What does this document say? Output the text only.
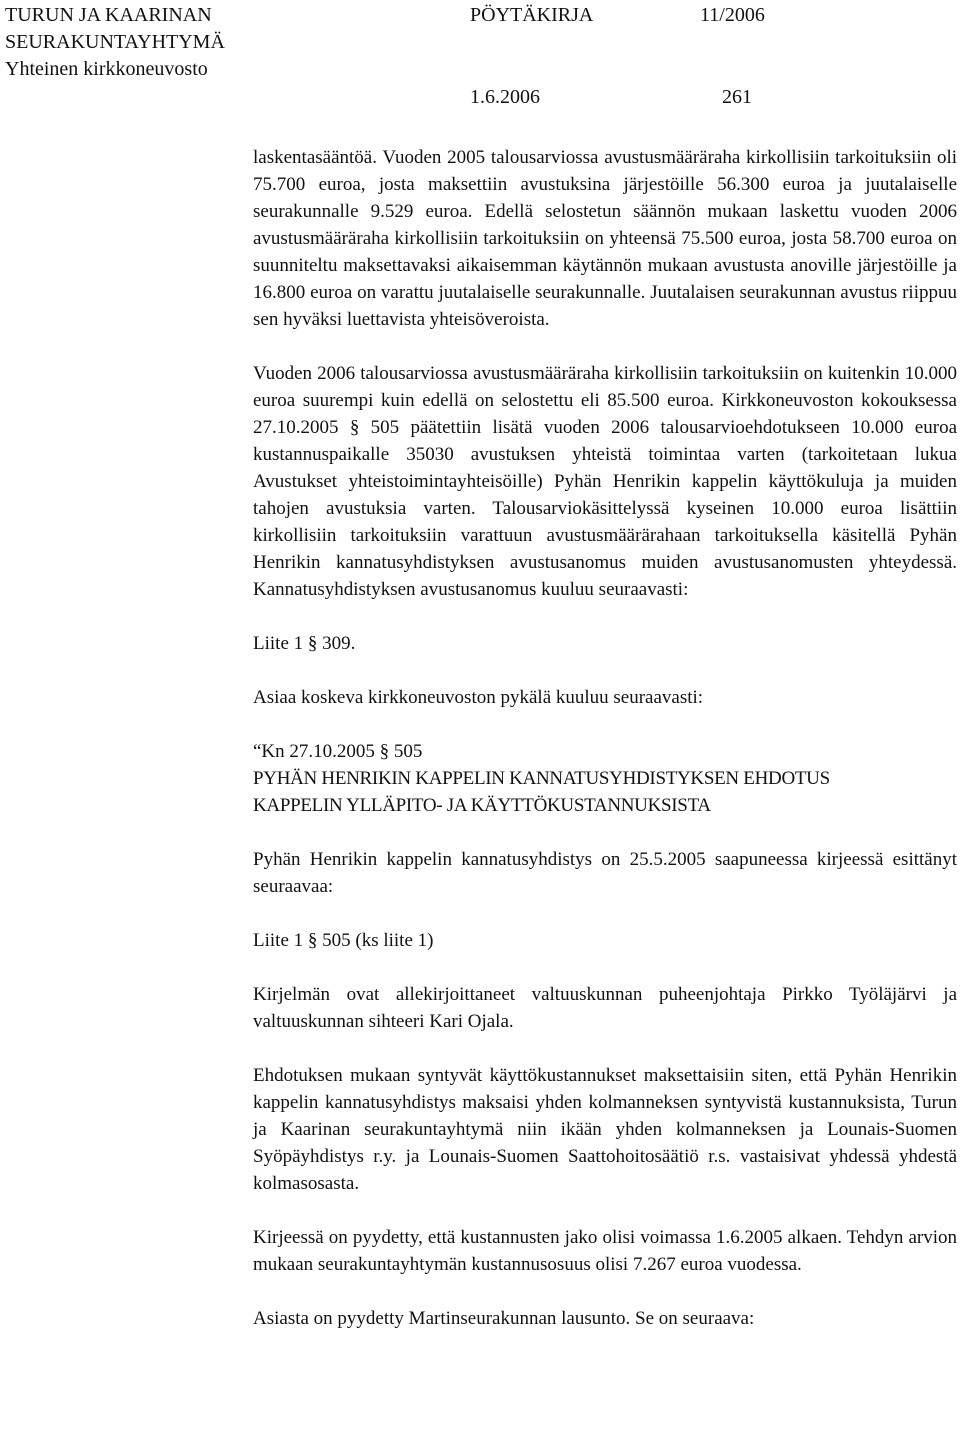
TURUN JA KAARINAN
SEURAKUNTAYHTYMÄ
Yhteinen kirkkoneuvosto
PÖYTÄKIRJA	11/2006
1.6.2006	261

laskentasääntöä. Vuoden 2005 talousarviossa avustusmääräraha kirkollisiin tarkoituksiin oli 75.700 euroa, josta maksettiin avustuksina järjestöille 56.300 euroa ja juutalaiselle seurakunnalle 9.529 euroa. Edellä selostetun säännön mukaan laskettu vuoden 2006 avustusmääräraha kirkollisiin tarkoituksiin on yhteensä 75.500 euroa, josta 58.700 euroa on suunniteltu maksettavaksi aikaisemman käytännön mukaan avustusta anoville järjestöille ja 16.800 euroa on varattu juutalaiselle seurakunnalle. Juutalaisen seurakunnan avustus riippuu sen hyväksi luettavista yhteisöveroista.

Vuoden 2006 talousarviossa avustusmääräraha kirkollisiin tarkoituksiin on kuitenkin 10.000 euroa suurempi kuin edellä on selostettu eli 85.500 euroa. Kirkkoneuvoston kokouksessa 27.10.2005 § 505 päätettiin lisätä vuoden 2006 talousarvioehdotukseen 10.000 euroa kustannuspaikalle 35030 avustuksen yhteistä toimintaa varten (tarkoitetaan lukua Avustukset yhteistoimintayhteisöille) Pyhän Henrikin kappelin käyttökuluja ja muiden tahojen avustuksia varten. Talousarviokäsittelyssä kyseinen 10.000 euroa lisättiin kirkollisiin tarkoituksiin varattuun avustusmäärärahaan tarkoituksella käsitellä Pyhän Henrikin kannatusyhdistyksen avustusanomus muiden avustusanomusten yhteydessä. Kannatusyhdistyksen avustusanomus kuuluu seuraavasti:

Liite 1 § 309.

Asiaa koskeva kirkkoneuvoston pykälä kuuluu seuraavasti:

“Kn 27.10.2005 § 505

PYHÄN HENRIKIN KAPPELIN KANNATUSYHDISTYKSEN EHDOTUS

KAPPELIN YLLÄPITO- JA KÄYTTÖKUSTANNUKSISTA

Pyhän Henrikin kappelin kannatusyhdistys on 25.5.2005 saapuneessa kirjeessä esittänyt seuraavaa:

Liite 1 § 505 (ks liite 1)

Kirjelmän ovat allekirjoittaneet valtuuskunnan puheenjohtaja Pirkko Työläjärvi ja valtuuskunnan sihteeri Kari Ojala.

Ehdotuksen mukaan syntyvät käyttökustannukset maksettaisiin siten, että Pyhän Henrikin kappelin kannatusyhdistys maksaisi yhden kolmanneksen syntyvistä kustannuksista, Turun ja Kaarinan seurakuntayhtymä niin ikään yhden kolmanneksen ja Lounais-Suomen Syöpäyhdistys r.y. ja Lounais-Suomen Saattohoitosäätiö r.s. vastaisivat yhdessä yhdestä kolmasosasta.

Kirjeessä on pyydetty, että kustannusten jako olisi voimassa 1.6.2005 alkaen. Tehdyn arvion mukaan seurakuntayhtymän kustannusosuus olisi 7.267 euroa vuodessa.

Asiasta on pyydetty Martinseurakunnan lausunto. Se on seuraava:
